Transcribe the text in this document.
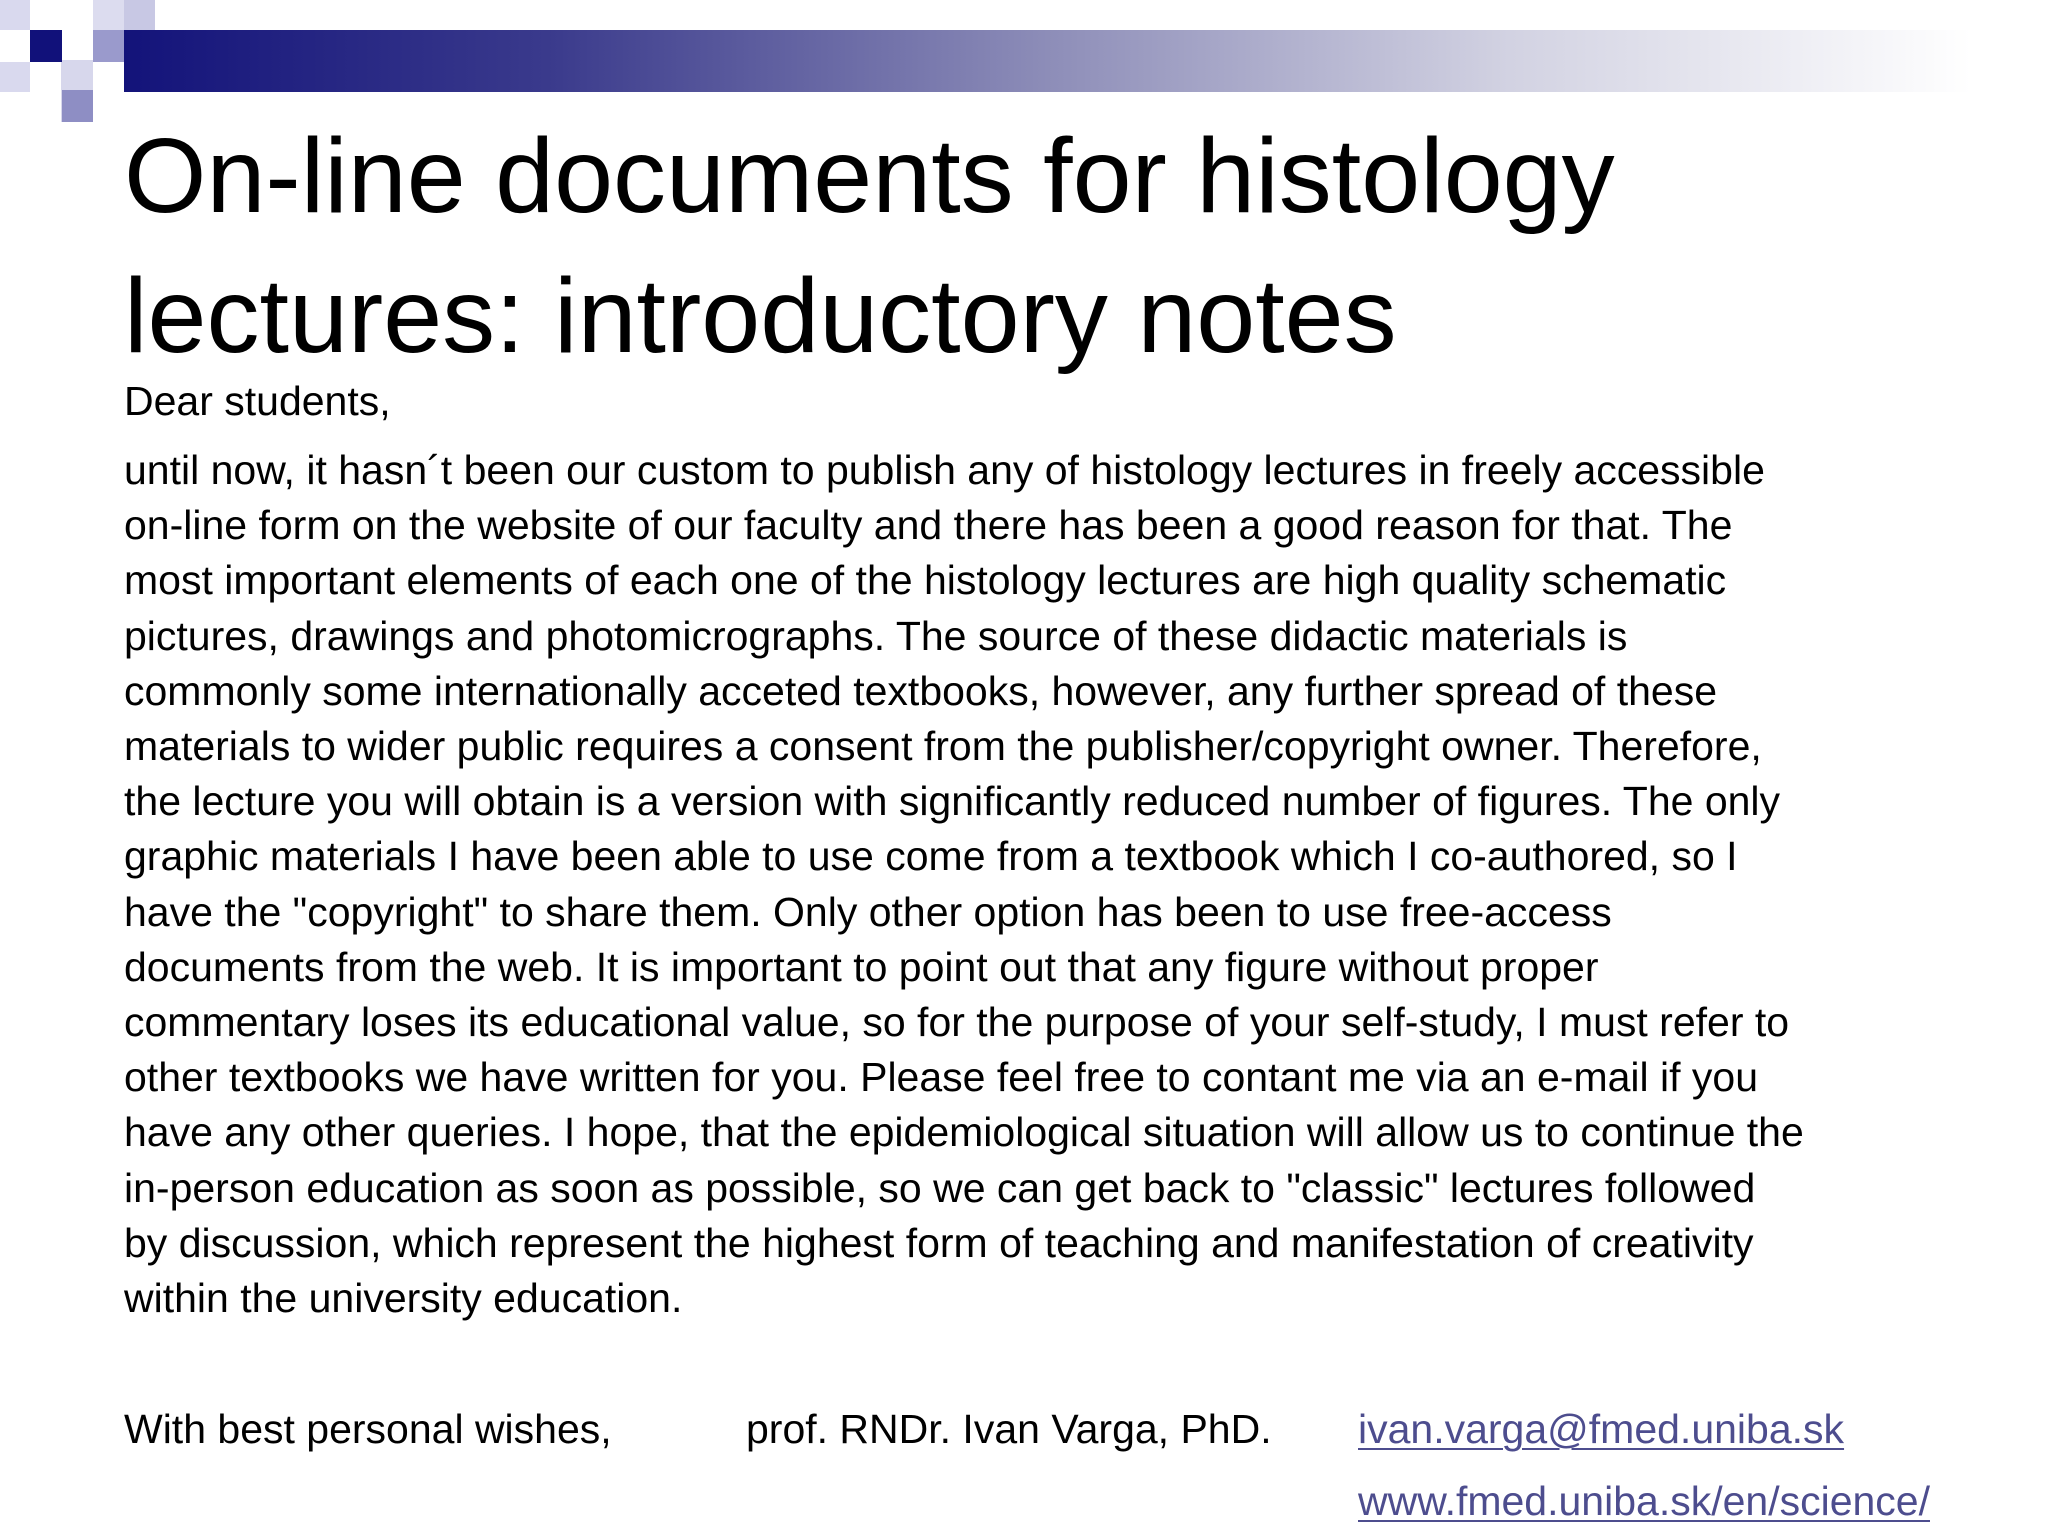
On-line documents for histology lectures: introductory notes
Dear students,
until now, it hasn´t been our custom to publish any of histology lectures in freely accessible
on-line form on the website of our faculty and there has been a good reason for that. The
most important elements of each one of the histology lectures are high quality schematic
pictures, drawings and photomicrographs. The source of these didactic materials is
commonly some internationally acceted textbooks, however, any further spread of these
materials to wider public requires a consent from the publisher/copyright owner. Therefore,
the lecture you will obtain is a version with significantly reduced number of figures. The only
graphic materials I have been able to use come from a textbook which I co-authored, so I
have the "copyright" to share them. Only other option has been to use free-access
documents from the web. It is important to point out that any figure without proper
commentary loses its educational value, so for the purpose of your self-study, I must refer to
other textbooks we have written for you. Please feel free to contant me via an e-mail if you
have any other queries. I hope, that the epidemiological situation will allow us to continue the
in-person education as soon as possible, so we can get back to "classic" lectures followed
by discussion, which represent the highest form of teaching and manifestation of creativity
within the university education.
With best personal wishes,	prof. RNDr. Ivan Varga, PhD. ivan.varga@fmed.uniba.sk
www.fmed.uniba.sk/en/science/
